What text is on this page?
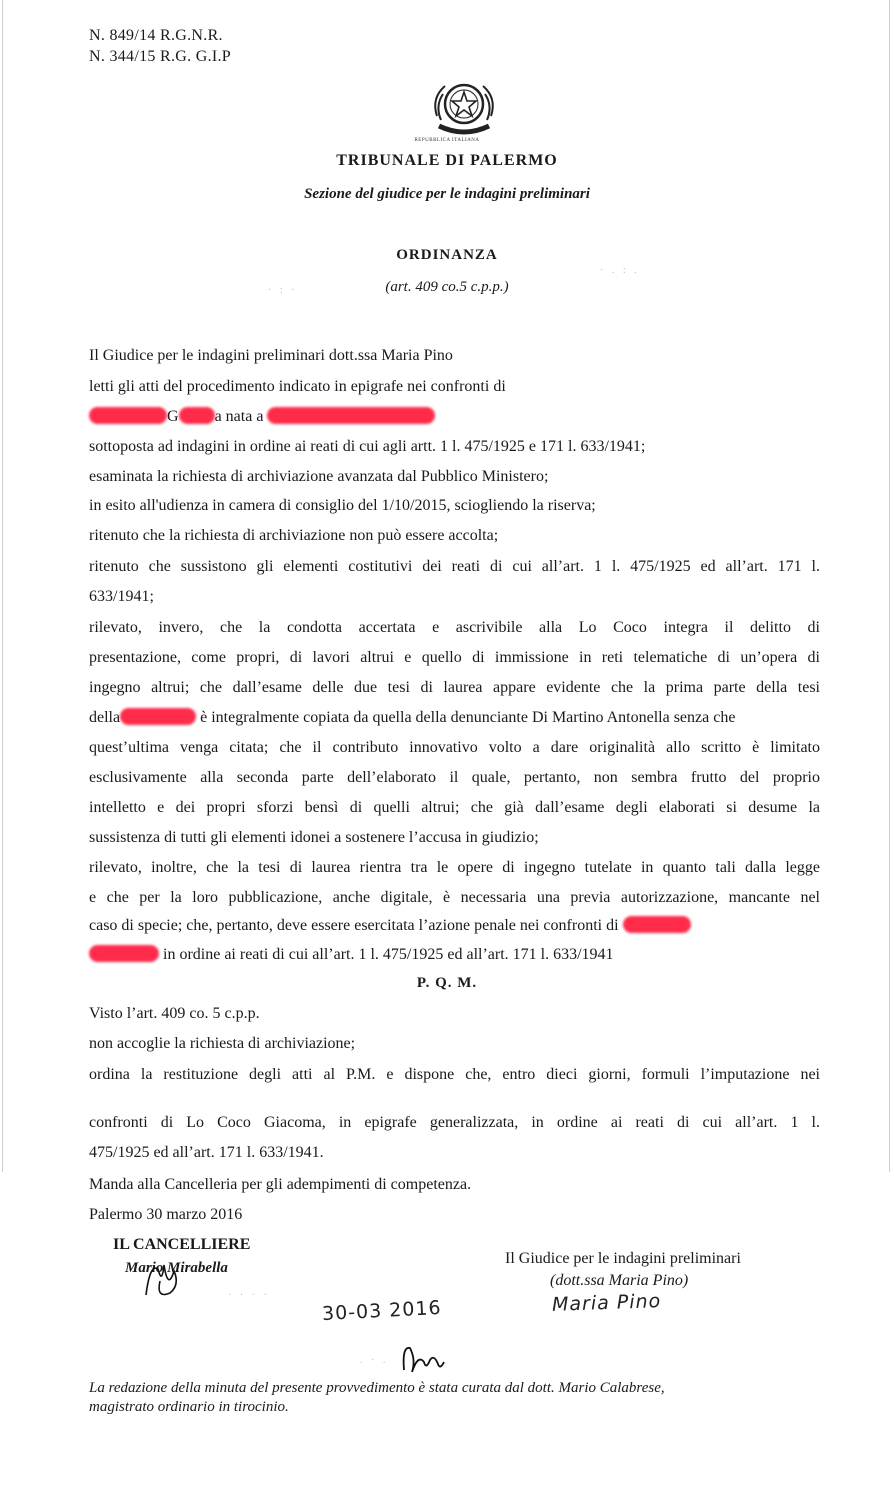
N. 849/14 R.G.N.R.
N. 344/15 R.G. G.I.P
REPUBBLICA ITALIANA
TRIBUNALE DI PALERMO
Sezione del giudice per le indagini preliminari
ORDINANZA
(art. 409 co.5 c.p.p.)
· : ·
· . : .
Il Giudice per le indagini preliminari dott.ssa Maria Pino
letti gli atti del procedimento indicato in epigrafe nei confronti di
G a nata a
sottoposta ad indagini in ordine ai reati di cui agli artt. 1 l. 475/1925 e 171 l. 633/1941;
esaminata la richiesta di archiviazione avanzata dal Pubblico Ministero;
in esito all'udienza in camera di consiglio del 1/10/2015, sciogliendo la riserva;
ritenuto che la richiesta di archiviazione non può essere accolta;
ritenuto che sussistono gli elementi costitutivi dei reati di cui all’art. 1 l. 475/1925 ed all’art. 171 l.
633/1941;
rilevato, invero, che la condotta accertata e ascrivibile alla Lo Coco integra il delitto di
presentazione, come propri, di lavori altrui e quello di immissione in reti telematiche di un’opera di
ingegno altrui; che dall’esame delle due tesi di laurea appare evidente che la prima parte della tesi
della	è integralmente copiata da quella della denunciante Di Martino Antonella senza che
quest’ultima venga citata; che il contributo innovativo volto a dare originalità allo scritto è limitato
esclusivamente alla seconda parte dell’elaborato il quale, pertanto, non sembra frutto del proprio
intelletto e dei propri sforzi bensì di quelli altrui; che già dall’esame degli elaborati si desume la
sussistenza di tutti gli elementi idonei a sostenere l’accusa in giudizio;
rilevato, inoltre, che la tesi di laurea rientra tra le opere di ingegno tutelate in quanto tali dalla legge
e che per la loro pubblicazione, anche digitale, è necessaria una previa autorizzazione, mancante nel
caso di specie; che, pertanto, deve essere esercitata l’azione penale nei confronti di
in ordine ai reati di cui all’art. 1 l. 475/1925 ed all’art. 171 l. 633/1941
P. Q. M.
Visto l’art. 409 co. 5 c.p.p.
non accoglie la richiesta di archiviazione;
ordina la restituzione degli atti al P.M. e dispone che, entro dieci giorni, formuli l’imputazione nei
confronti di Lo Coco Giacoma, in epigrafe generalizzata, in ordine ai reati di cui all’art. 1 l.
475/1925 ed all’art. 171 l. 633/1941.
Manda alla Cancelleria per gli adempimenti di competenza.
Palermo 30 marzo 2016
IL CANCELLIERE
Mario Mirabella
Il Giudice per le indagini preliminari
(dott.ssa Maria Pino)
Maria Pino
30-03 2016
· · · ·
. · .
La redazione della minuta del presente provvedimento è stata curata dal dott. Mario Calabrese,
magistrato ordinario in tirocinio.
